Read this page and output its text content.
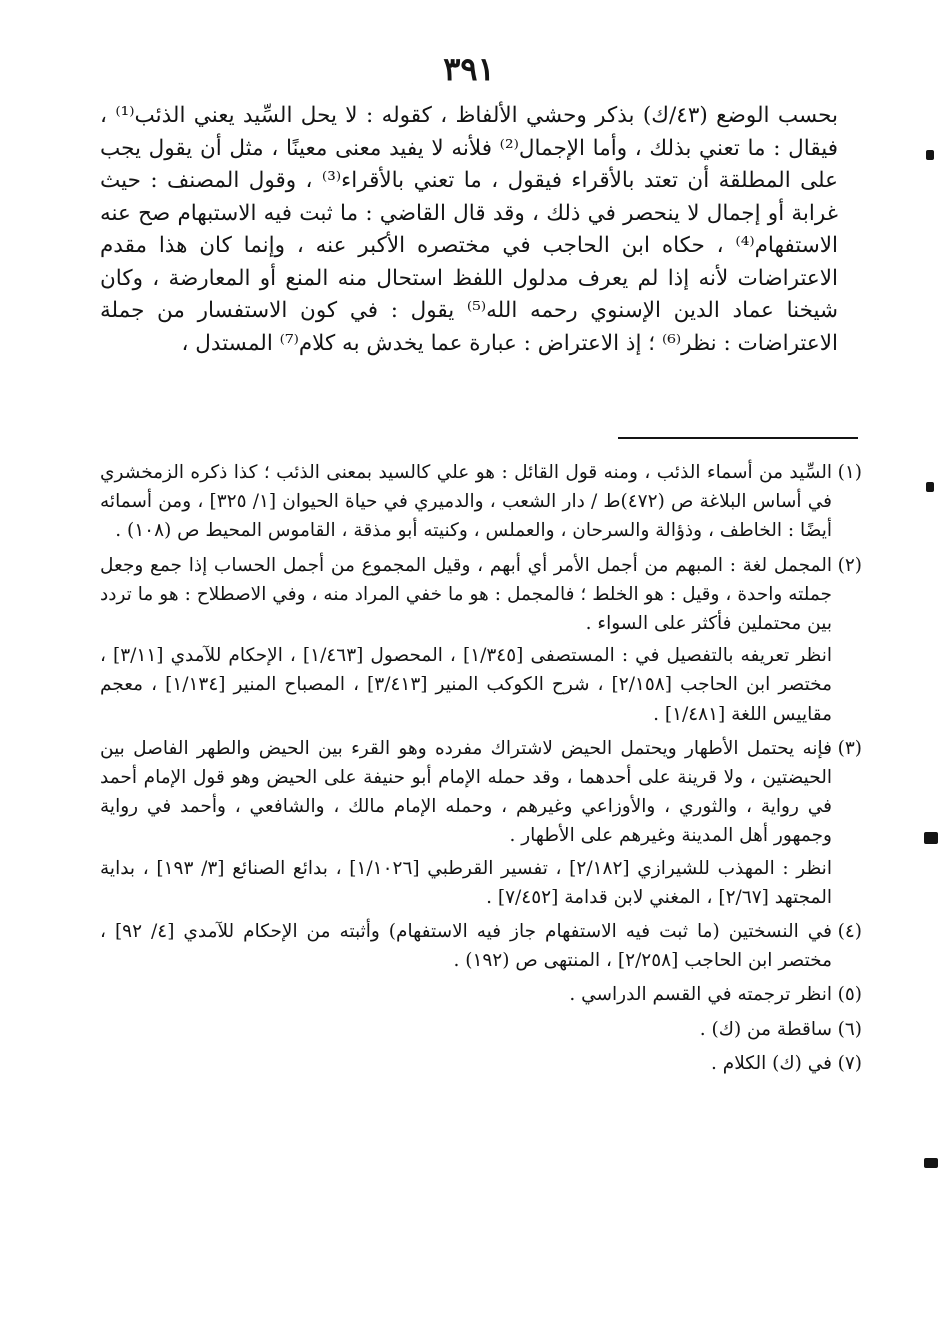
٣٩١

بحسب الوضع (٤٣/ك) بذكر وحشي الألفاظ ، كقوله : لا يحل السِّيد يعني الذئب⁽¹⁾ ، فيقال : ما تعني بذلك ، وأما الإجمال⁽²⁾ فلأنه لا يفيد معنى معينًا ، مثل أن يقول يجب على المطلقة أن تعتد بالأقراء فيقول ، ما تعني بالأقراء⁽³⁾ ، وقول المصنف : حيث غرابة أو إجمال لا ينحصر في ذلك ، وقد قال القاضي : ما ثبت فيه الاستبهام صح عنه الاستفهام⁽⁴⁾ ، حكاه ابن الحاجب في مختصره الأكبر عنه ، وإنما كان هذا مقدم الاعتراضات لأنه إذا لم يعرف مدلول اللفظ استحال منه المنع أو المعارضة ، وكان شيخنا عماد الدين الإسنوي رحمه الله⁽⁵⁾ يقول : في كون الاستفسار من جملة الاعتراضات : نظر⁽⁶⁾ ؛ إذ الاعتراض : عبارة عما يخدش به كلام⁽⁷⁾ المستدل ،

(١)

السِّيد من أسماء الذئب ، ومنه قول القائل : هو علي كالسيد بمعنى الذئب ؛ كذا ذكره الزمخشري في أساس البلاغة ص (٤٧٢)ط / دار الشعب ، والدميري في حياة الحيوان [١/ ٣٢٥] ، ومن أسمائه أيضًا : الخاطف ، وذؤالة والسرحان ، والعملس ، وكنيته أبو مذقة ، القاموس المحيط ص (١٠٨) .

(٢)

المجمل لغة : المبهم من أجمل الأمر أي أبهم ، وقيل المجموع من أجمل الحساب إذا جمع وجعل جملته واحدة ، وقيل : هو الخلط ؛ فالمجمل : هو ما خفي المراد منه ، وفي الاصطلاح : هو ما تردد بين محتملين فأكثر على السواء .

انظر تعريفه بالتفصيل في : المستصفى [١/٣٤٥] ، المحصول [١/٤٦٣] ، الإحكام للآمدي [٣/١١] ، مختصر ابن الحاجب [٢/١٥٨] ، شرح الكوكب المنير [٣/٤١٣] ، المصباح المنير [١/١٣٤] ، معجم مقاييس اللغة [١/٤٨١] .

(٣)

فإنه يحتمل الأطهار ويحتمل الحيض لاشتراك مفرده وهو القرء بين الحيض والطهر الفاصل بين الحيضتين ، ولا قرينة على أحدهما ، وقد حمله الإمام أبو حنيفة على الحيض وهو قول الإمام أحمد في رواية ، والثوري ، والأوزاعي وغيرهم ، وحمله الإمام مالك ، والشافعي ، وأحمد في رواية وجمهور أهل المدينة وغيرهم على الأطهار .

انظر : المهذب للشيرازي [٢/١٨٢] ، تفسير القرطبي [١/١٠٢٦] ، بدائع الصنائع [٣/ ١٩٣] ، بداية المجتهد [٢/٦٧] ، المغني لابن قدامة [٧/٤٥٢] .

(٤)

في النسختين (ما ثبت فيه الاستفهام جاز فيه الاستفهام) وأثبته من الإحكام للآمدي [٤/ ٩٢] ، مختصر ابن الحاجب [٢/٢٥٨] ، المنتهى ص (١٩٢) .

(٥)

انظر ترجمته في القسم الدراسي .

(٦)

ساقطة من (ك) .

(٧)

في (ك) الكلام .
